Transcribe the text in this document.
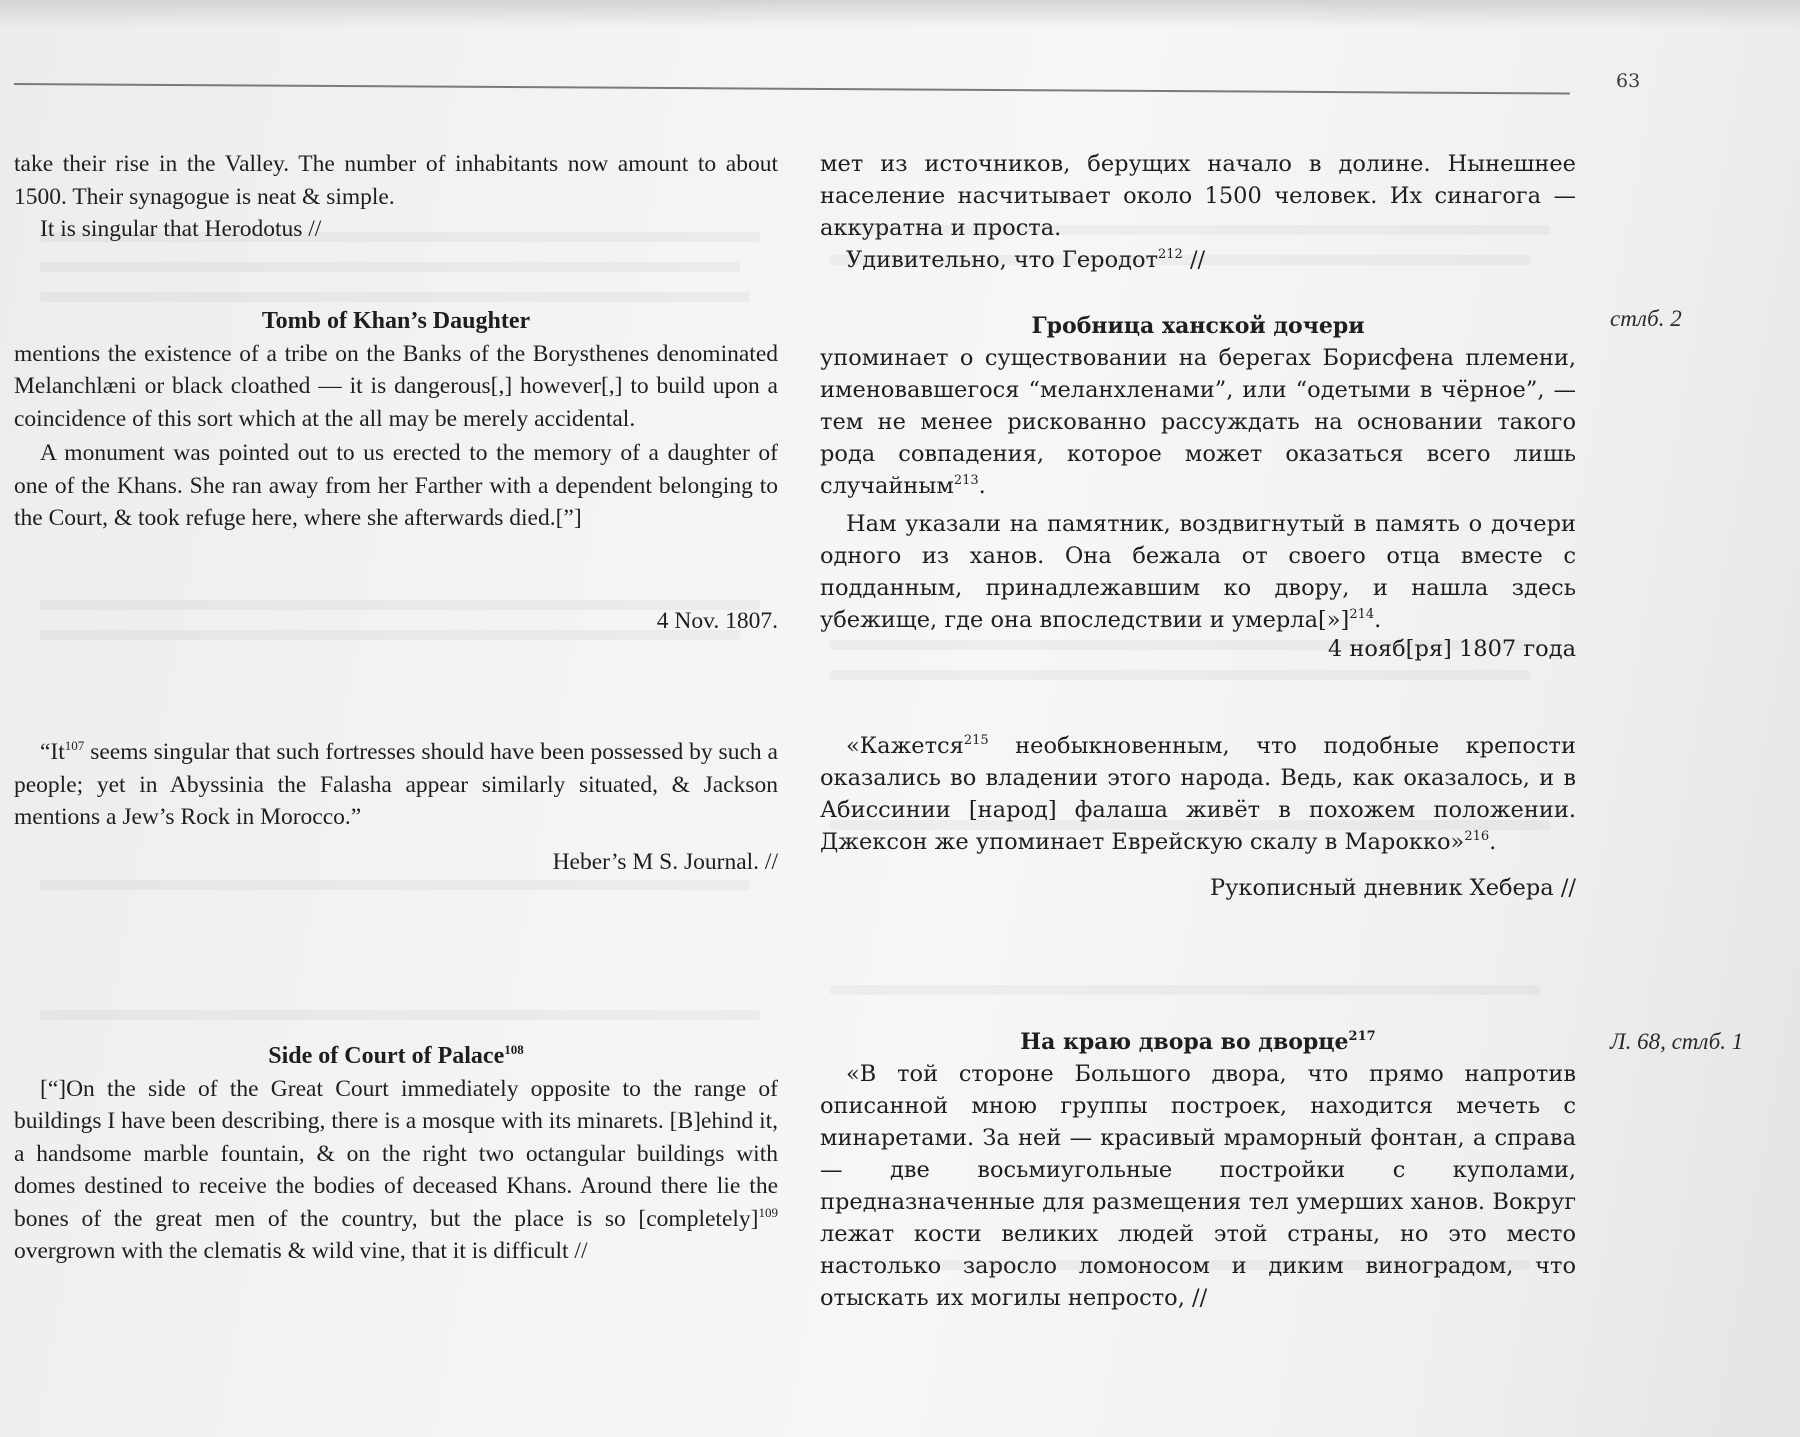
63

take their rise in the Valley. The number of inhabitants now amount to about 1500. Their synagogue is neat & simple.

It is singular that Herodotus //

Tomb of Khan’s Daughter

mentions the existence of a tribe on the Banks of the Borysthenes denominated Melanchlæni or black cloathed — it is dangerous[,] however[,] to build upon a coincidence of this sort which at the all may be merely accidental.

A monument was pointed out to us erected to the memory of a daughter of one of the Khans. She ran away from her Farther with a dependent belonging to the Court, & took refuge here, where she afterwards died.[”]

4 Nov. 1807.

“It$^{107}$ seems singular that such fortresses should have been possessed by such a people; yet in Abyssinia the Falasha appear similarly situated, & Jackson mentions a Jew’s Rock in Morocco.”

Heber’s M S. Journal. //

Side of Court of Palace$^{108}$

[“]On the side of the Great Court immediately opposite to the range of buildings I have been describing, there is a mosque with its minarets. [B]ehind it, a handsome marble fountain, & on the right two octangular buildings with domes destined to receive the bodies of deceased Khans. Around there lie the bones of the great men of the country, but the place is so [completely]$^{109}$ overgrown with the clematis & wild vine, that it is difficult //

мет из источников, берущих начало в долине. Нынешнее население насчитывает около 1500 человек. Их синагога — аккуратна и проста.

Удивительно, что Геродот$^{212}$ //

Гробница ханской дочери

упоминает о существовании на берегах Борисфена племени, именовавшегося “меланхленами”, или “одетыми в чёрное”, — тем не менее рискованно рассуждать на основании такого рода совпадения, которое может оказаться всего лишь случайным$^{213}$.

Нам указали на памятник, воздвигнутый в память о дочери одного из ханов. Она бежала от своего отца вместе с подданным, принадлежавшим ко двору, и нашла здесь убежище, где она впоследствии и умерла[»]$^{214}$.

4 нояб[ря] 1807 года

«Кажется$^{215}$ необыкновенным, что подобные крепости оказались во владении этого народа. Ведь, как оказалось, и в Абиссинии [народ] фалаша живёт в похожем положении. Джексон же упоминает Еврейскую скалу в Марокко»$^{216}$.

Рукописный дневник Хебера //

На краю двора во дворце$^{217}$

«В той стороне Большого двора, что прямо напротив описанной мною группы построек, находится мечеть с минаретами. За ней — красивый мраморный фонтан, а справа — две восьмиугольные постройки с куполами, предназначенные для размещения тел умерших ханов. Вокруг лежат кости великих людей этой страны, но это место настолько заросло ломоносом и диким виноградом, что отыскать их могилы непросто, //

стлб. 2
Л. 68, стлб. 1
